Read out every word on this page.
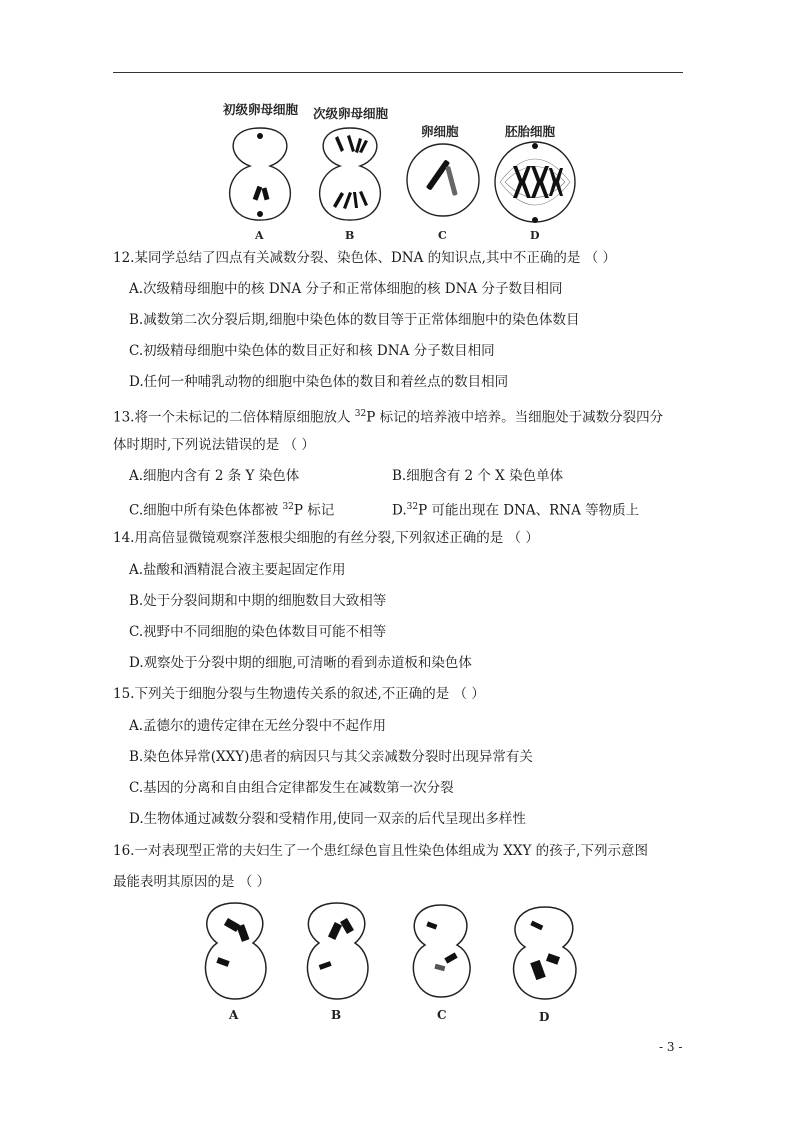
初级卵母细胞 次级卵母细胞
卵细胞	胚胎细胞
A	B	C	D
12.某同学总结了四点有关减数分裂、染色体、DNA 的知识点,其中不正确的是 （ ）
A.次级精母细胞中的核 DNA 分子和正常体细胞的核 DNA 分子数目相同
B.减数第二次分裂后期,细胞中染色体的数目等于正常体细胞中的染色体数目
C.初级精母细胞中染色体的数目正好和核 DNA 分子数目相同
D.任何一种哺乳动物的细胞中染色体的数目和着丝点的数目相同
13.将一个未标记的二倍体精原细胞放人 $^{32}$P 标记的培养液中培养。当细胞处于减数分裂四分
体时期时,下列说法错误的是 （ ）
A.细胞内含有 2 条 Y 染色体	B.细胞含有 2 个 X 染色单体
C.细胞中所有染色体都被 $^{32}$P 标记	D.$^{32}$P 可能出现在 DNA、RNA 等物质上
14.用高倍显微镜观察洋葱根尖细胞的有丝分裂,下列叙述正确的是 （ ）
A.盐酸和酒精混合液主要起固定作用
B.处于分裂间期和中期的细胞数目大致相等
C.视野中不同细胞的染色体数目可能不相等
D.观察处于分裂中期的细胞,可清晰的看到赤道板和染色体
15.下列关于细胞分裂与生物遗传关系的叙述,不正确的是 （ ）
A.孟德尔的遗传定律在无丝分裂中不起作用
B.染色体异常(XXY)患者的病因只与其父亲减数分裂时出现异常有关
C.基因的分离和自由组合定律都发生在减数第一次分裂
D.生物体通过减数分裂和受精作用,使同一双亲的后代呈现出多样性
16.一对表现型正常的夫妇生了一个患红绿色盲且性染色体组成为 XXY 的孩子,下列示意图
最能表明其原因的是 （ ）
A	B	C	D
- 3 -
